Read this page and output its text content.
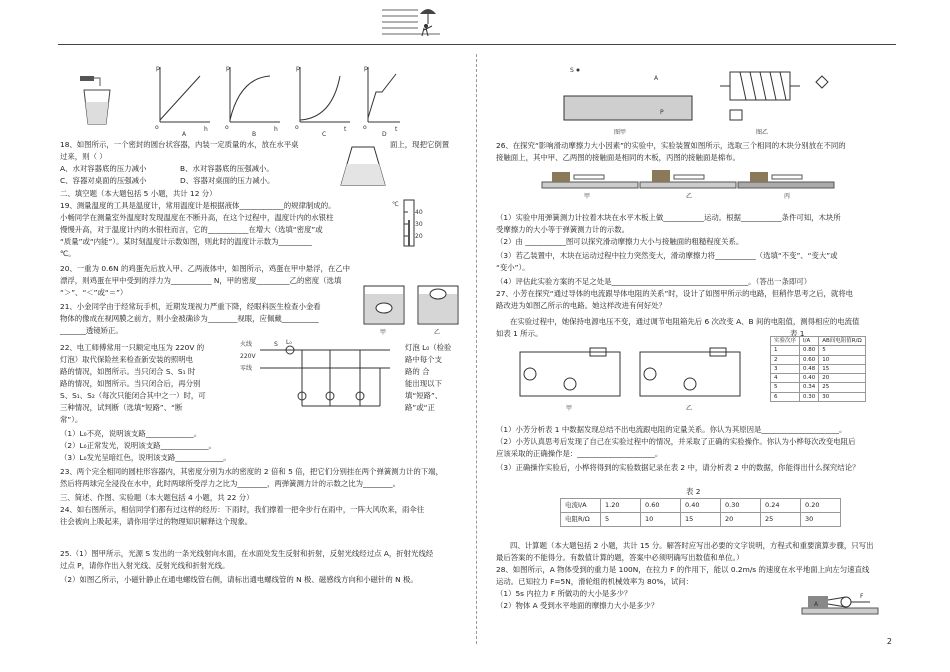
p	p	p	p
o	o	o	o
h	h	t	t
A	B	C	D
18、如图所示，一个密封的圆台状容器，内装一定质量的水，放在水平桌	面上，现把它倒置
过来，则（ ）
A、水对容器底的压力减小	B、水对容器底的压强减小。
C、容器对桌面的压强减小	D、容器对桌面的压力减小。
二、填空题（本大题包括 5 小题，共计 12 分）
19、测量温度的工具是温度计，常用温度计是根据液体____________的规律制成的。
小畅同学在测量室外温度时发现温度在不断升高，在这个过程中，温度计内的水银柱
慢慢升高，对于温度计内的水银柱而言，它的___________在增大（选填“密度”或
“质量”或“内能”）。某时刻温度计示数如图，则此时的温度计示数为_________
℃。
℃
40
30
20
20、一重为 0.6N 的鸡蛋先后放入甲、乙两液体中，如图所示，鸡蛋在甲中悬浮，在乙中
漂浮，则鸡蛋在甲中受到的浮力为___________ N，甲的密度_________乙的密度（选填
“＞”、“＜”或“＝”）
甲	乙
21、小金同学由于经常玩手机，近期发现视力严重下降，经眼科医生检查小金看
物体的像成在视网膜之前方，则小金被确诊为________视眼，应佩戴__________
_______透镜矫正。
22、电工师傅常用一只额定电压为 220V 的
灯泡）取代保险丝来检查新安装的照明电
路的情况，如图所示。当只闭合 S、S₁ 时
路的情况，如图所示。当只闭合后，再分别
S、S₁、S₂（每次只能闭合其中之一）时，可
三种情况，试判断（选填“短路”、“断
常”）。
灯泡 L₀（检验
路中每个支
路的 合
能出现以下
填“短路”、
路”或“正
火线
220V
零线
S L₀
（1）L₀不亮，说明该支路_____________。
（2）L₀正常发光，说明该支路_____________。
（3）L₀发光呈暗红色，说明该支路_____________。
23、两个完全相同的圆柱形容器内，其密度分别为水的密度的 2 倍和 5 倍，把它们分别挂在两个弹簧测力计的下端，
然后将两球完全浸没在水中，此时两球所受浮力之比为________，两弹簧测力计的示数之比为________。
三、简述、作图、实验题（本大题包括 4 小题，共 22 分）
24、如右图所示，相信同学们都有过这样的经历：下雨时，我们撑着一把伞步行在雨中，一阵大风吹来，雨伞往
往会被向上吸起来，请你用学过的物理知识解释这个现象。
25.（1）图甲所示，光源 S 发出的一条光线射向水面，在水面处发生反射和折射，反射光线经过点 A，折射光线经
过点 P，请你作出入射光线、反射光线和折射光线。
（2）如图乙所示，小磁针静止在通电螺线管右侧，请标出通电螺线管的 N 极、磁感线方向和小磁针的 N 极。
S
A
P
图甲	图乙
26、在探究“影响滑动摩擦力大小因素”的实验中，实验装置如图所示，选取三个相同的木块分别放在不同的
接触面上，其中甲、乙两图的接触面是相同的木板，丙图的接触面是棉布。
甲	乙	丙
（1）实验中用弹簧测力计拉着木块在水平木板上做___________运动。根据___________条件可知，木块所
受摩擦力的大小等于弹簧测力计的示数。
（2）由 ___________图可以探究滑动摩擦力大小与接触面的粗糙程度关系。
（3）若乙装置中，木块在运动过程中拉力突然变大，滑动摩擦力将___________（选填“不变”、“变大”或
“变小”）。
（4）评估此实验方案的不足之处是_____________________________________。（答出一条即可）
27、小芳在探究“通过导体的电流跟导体电阻的关系”时，设计了如图甲所示的电路，但稍作思考之后，就将电
路改进为如图乙所示的电路。她这样改进有何好处？
在实验过程中，她保持电源电压不变，通过调节电阻箱先后 6 次改变 A、B 间的电阻值，测得相应的电流值
如表 1 所示。	表 1
甲	乙
实验次序	I/A	AB间电阻值R/Ω
1	0.80	5
2	0.60	10
3	0.48	15
4	0.40	20
5	0.34	25
6	0.30	30
（1）小芳分析表 1 中数据发现总结不出电流跟电阻的定量关系。你认为其原因是_____________________。
（2）小芳认真思考后发现了自己在实验过程中的情况，并采取了正确的实验操作。你认为小桦每次改变电阻后
应该采取的正确操作是：_____________________。
（3）正确操作实验后，小桦将得到的实验数据记录在表 2 中，请分析表 2 中的数据，你能得出什么探究结论？
表 2
电流I/A	1.20	0.60	0.40	0.30	0.24	0.20
电阻R/Ω	5	10	15	20	25	30
四、计算题（本大题包括 2 小题，共计 15 分。解答时应写出必要的文字说明，方程式和重要演算步骤，只写出
最后答案的不能得分。有数值计算的题，答案中必须明确写出数值和单位。）
28、如图所示，A 物体受到的重力是 100N，在拉力 F 的作用下，能以 0.2m/s 的速度在水平地面上向左匀速直线
运动。已知拉力 F=5N，滑轮组的机械效率为 80%，试问：
（1）5s 内拉力 F 所做功的大小是多少？
（2）物体 A 受到水平地面的摩擦力大小是多少？	A
F
2
